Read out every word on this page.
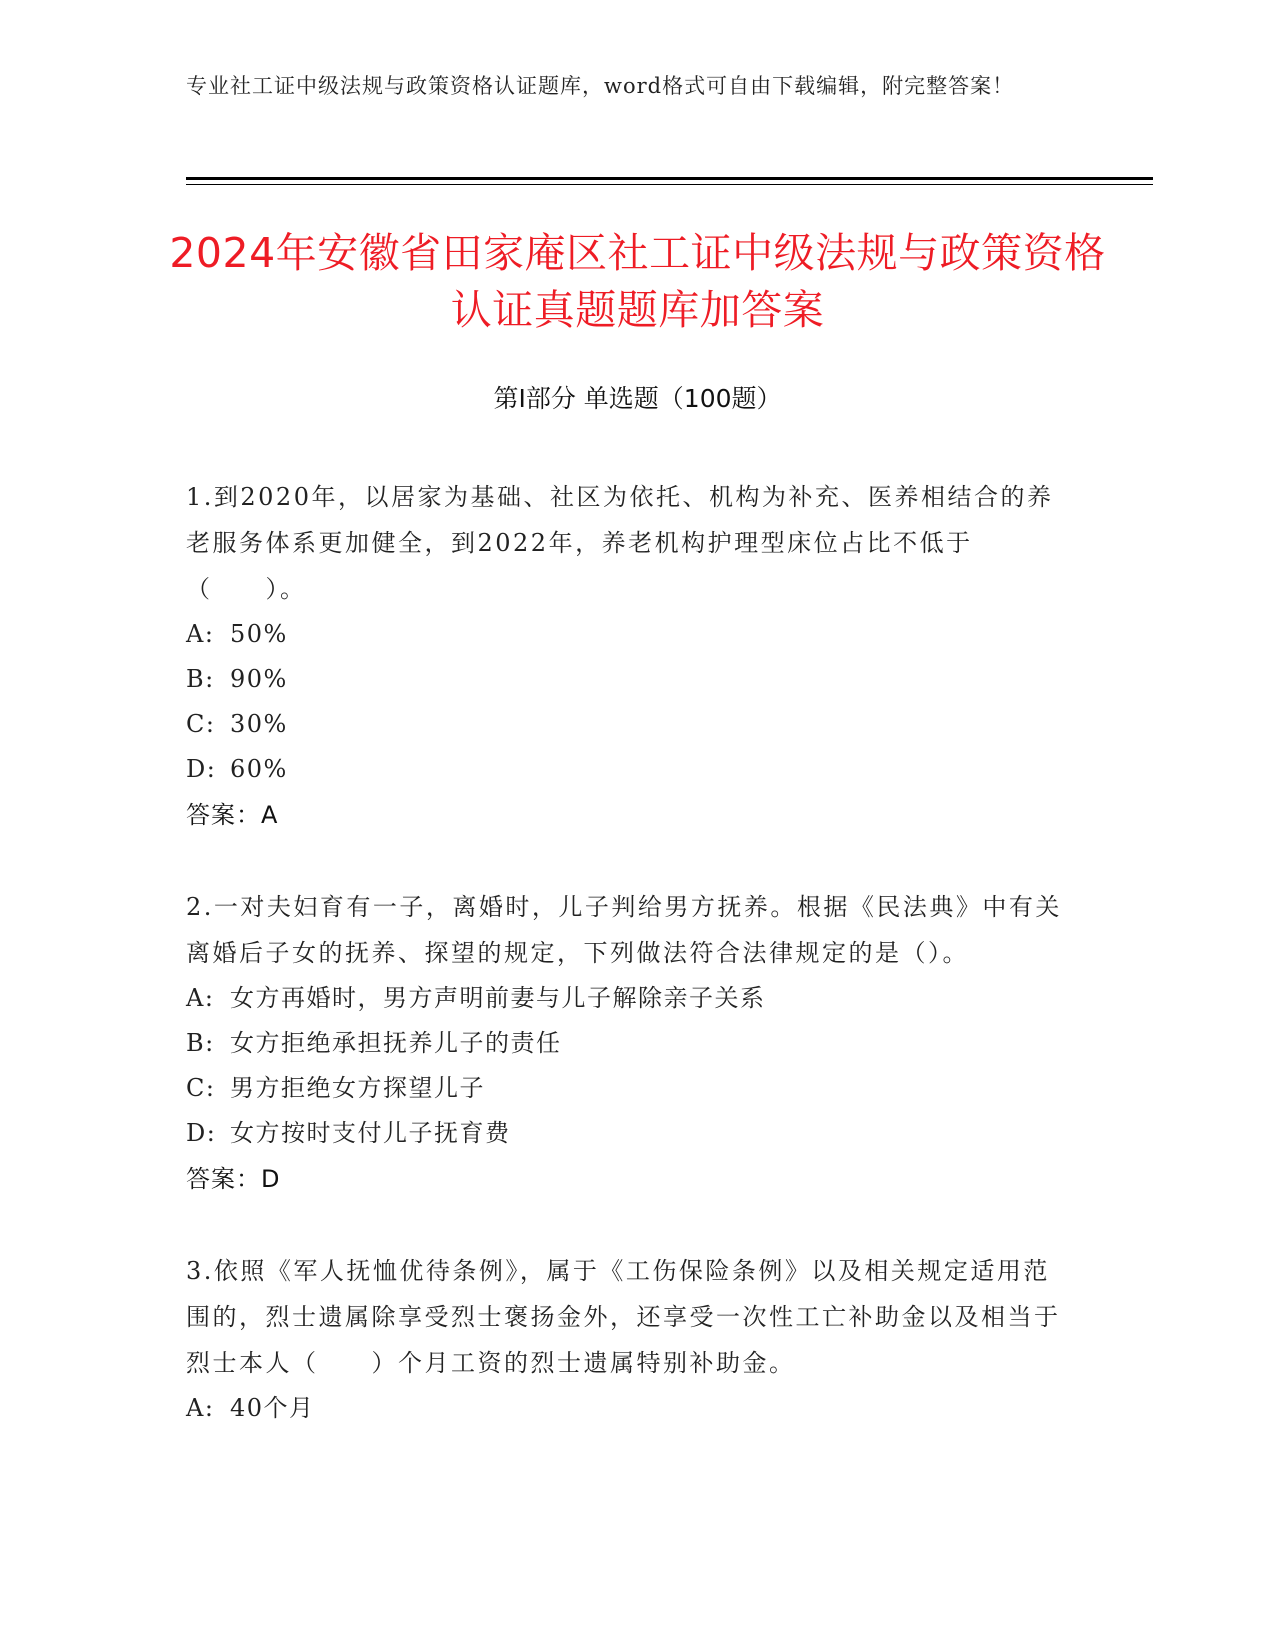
专业社工证中级法规与政策资格认证题库，word格式可自由下载编辑，附完整答案！
2024年安徽省田家庵区社工证中级法规与政策资格认证真题题库加答案
第I部分 单选题（100题）

1.到2020年，以居家为基础、社区为依托、机构为补充、医养相结合的养老服务体系更加健全，到2022年，养老机构护理型床位占比不低于（　　）。

A: 50%

B: 90%

C: 30%

D: 60%

答案：A

2.一对夫妇育有一子，离婚时，儿子判给男方抚养。根据《民法典》中有关离婚后子女的抚养、探望的规定，下列做法符合法律规定的是（）。

A: 女方再婚时，男方声明前妻与儿子解除亲子关系

B: 女方拒绝承担抚养儿子的责任

C: 男方拒绝女方探望儿子

D: 女方按时支付儿子抚育费

答案：D

3.依照《军人抚恤优待条例》，属于《工伤保险条例》以及相关规定适用范围的，烈士遗属除享受烈士褒扬金外，还享受一次性工亡补助金以及相当于烈士本人（　　）个月工资的烈士遗属特别补助金。

A: 40个月
